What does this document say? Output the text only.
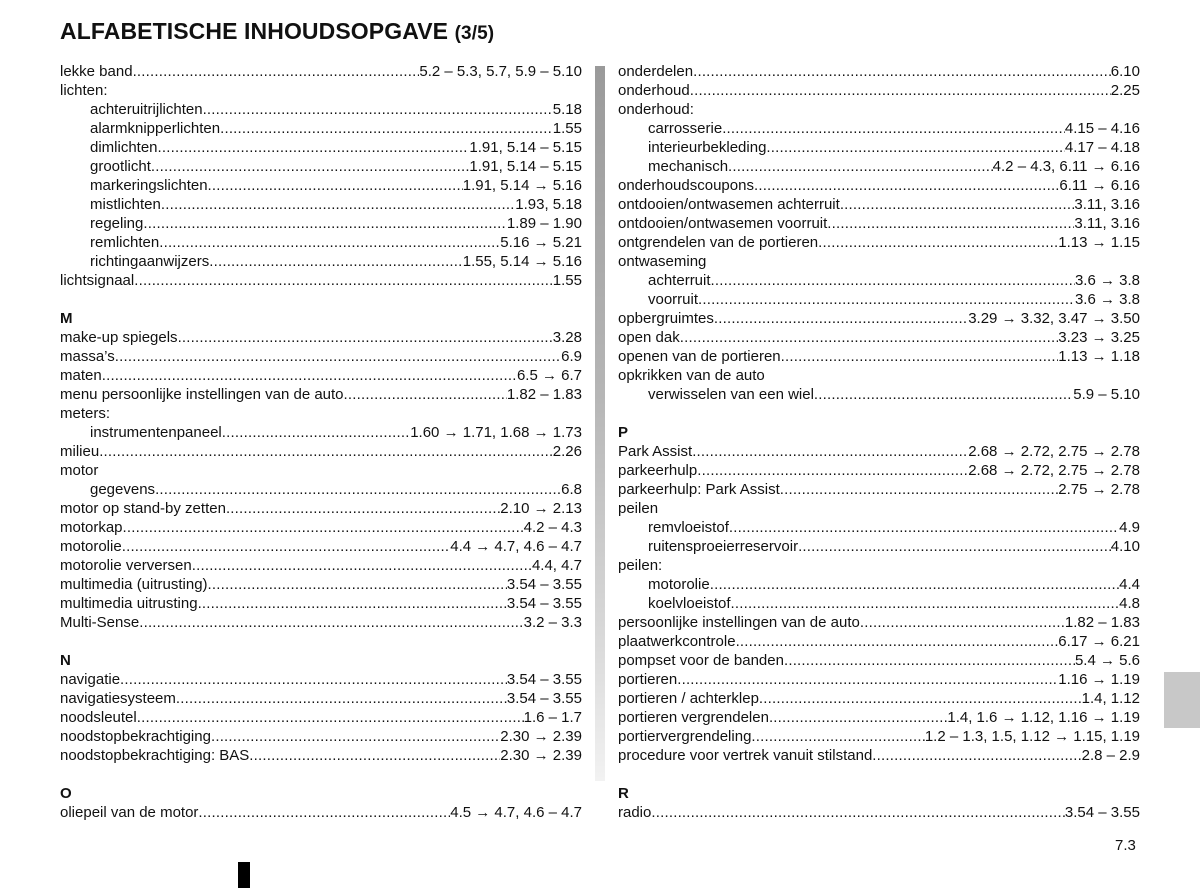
ALFABETISCHE INHOUDSOPGAVE (3/5)
lekke band .....	5.2 – 5.3, 5.7, 5.9 – 5.10
lichten:
achteruitrijlichten .....	5.18
alarmknipperlichten .....	1.55
dimlichten .....	1.91, 5.14 – 5.15
grootlicht .....	1.91, 5.14 – 5.15
markeringslichten .....	1.91, 5.14 → 5.16
mistlichten .....	1.93, 5.18
regeling .....	1.89 – 1.90
remlichten .....	5.16 → 5.21
richtingaanwijzers .....	1.55, 5.14 → 5.16
lichtsignaal .....	1.55
M
make-up spiegels .....	3.28
massa’s .....	6.9
maten .....	6.5 → 6.7
menu persoonlijke instellingen van de auto .....	1.82 – 1.83
meters:
instrumentenpaneel .....	1.60 → 1.71, 1.68 → 1.73
milieu .....	2.26
motor
gegevens .....	6.8
motor op stand-by zetten .....	2.10 → 2.13
motorkap .....	4.2 – 4.3
motorolie .....	4.4 → 4.7, 4.6 – 4.7
motorolie verversen .....	4.4, 4.7
multimedia (uitrusting) .....	3.54 – 3.55
multimedia uitrusting .....	3.54 – 3.55
Multi-Sense .....	3.2 – 3.3
N
navigatie .....	3.54 – 3.55
navigatiesysteem .....	3.54 – 3.55
noodsleutel .....	1.6 – 1.7
noodstopbekrachtiging .....	2.30 → 2.39
noodstopbekrachtiging: BAS .....	2.30 → 2.39
O
oliepeil van de motor .....	4.5 → 4.7, 4.6 – 4.7
onderdelen .....	6.10
onderhoud .....	2.25
onderhoud:
carrosserie .....	4.15 – 4.16
interieurbekleding .....	4.17 – 4.18
mechanisch .....	4.2 – 4.3, 6.11 → 6.16
onderhoudscoupons .....	6.11 → 6.16
ontdooien/ontwasemen achterruit .....	3.11, 3.16
ontdooien/ontwasemen voorruit .....	3.11, 3.16
ontgrendelen van de portieren .....	1.13 → 1.15
ontwaseming
achterruit .....	3.6 → 3.8
voorruit .....	3.6 → 3.8
opbergruimtes .....	3.29 → 3.32, 3.47 → 3.50
open dak .....	3.23 → 3.25
openen van de portieren .....	1.13 → 1.18
opkrikken van de auto
verwisselen van een wiel .....	5.9 – 5.10
P
Park Assist .....	2.68 → 2.72, 2.75 → 2.78
parkeerhulp .....	2.68 → 2.72, 2.75 → 2.78
parkeerhulp: Park Assist .....	2.75 → 2.78
peilen
remvloeistof .....	4.9
ruitensproeierreservoir .....	4.10
peilen:
motorolie .....	4.4
koelvloeistof .....	4.8
persoonlijke instellingen van de auto .....	1.82 – 1.83
plaatwerkcontrole .....	6.17 → 6.21
pompset voor de banden .....	5.4 → 5.6
portieren .....	1.16 → 1.19
portieren / achterklep .....	1.4, 1.12
portieren vergrendelen .....	1.4, 1.6 → 1.12, 1.16 → 1.19
portiervergrendeling .....	1.2 – 1.3, 1.5, 1.12 → 1.15, 1.19
procedure voor vertrek vanuit stilstand .....	2.8 – 2.9
R
radio .....	3.54 – 3.55
7.3
